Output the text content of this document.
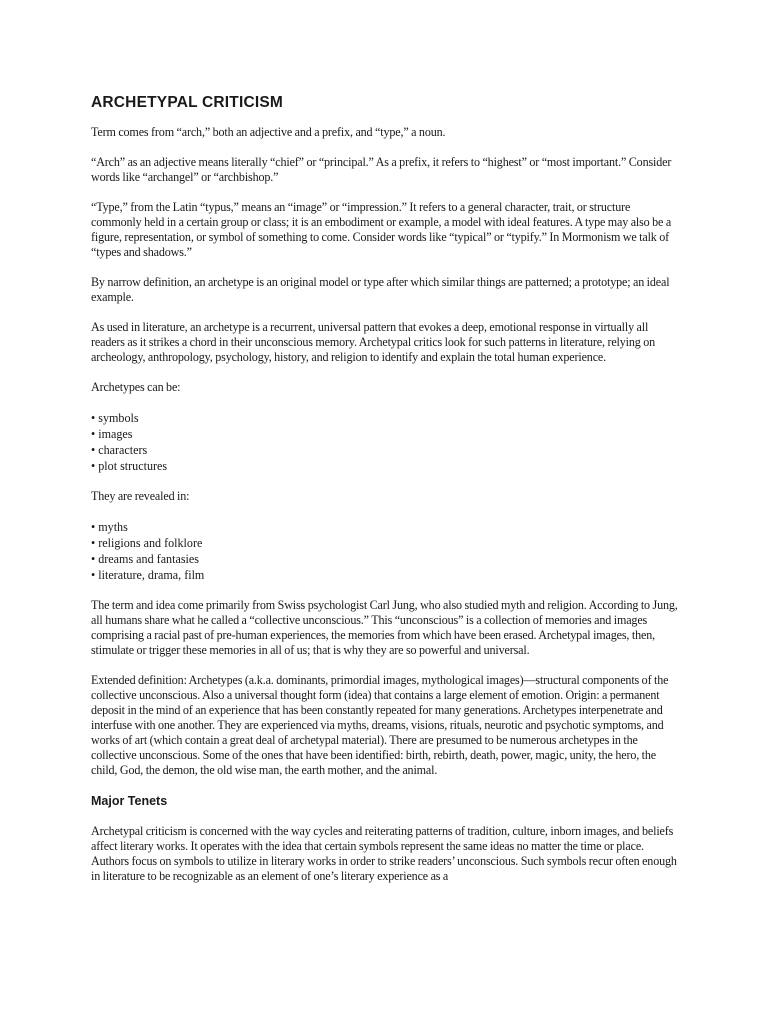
ARCHETYPAL CRITICISM

Term comes from “arch,” both an adjective and a prefix, and “type,” a noun.

“Arch” as an adjective means literally “chief” or “principal.” As a prefix, it refers to “highest” or “most important.” Consider words like “archangel” or “archbishop.”

“Type,” from the Latin “typus,” means an “image” or “impression.” It refers to a general character, trait, or structure commonly held in a certain group or class; it is an embodiment or example, a model with ideal features. A type may also be a figure, representation, or symbol of something to come. Consider words like “typical” or “typify.” In Mormonism we talk of “types and shadows.”

By narrow definition, an archetype is an original model or type after which similar things are patterned; a prototype; an ideal example.

As used in literature, an archetype is a recurrent, universal pattern that evokes a deep, emotional response in virtually all readers as it strikes a chord in their unconscious memory. Archetypal critics look for such patterns in literature, relying on archeology, anthropology, psychology, history, and religion to identify and explain the total human experience.

Archetypes can be:

• symbols
• images
• characters
• plot structures

They are revealed in:

• myths
• religions and folklore
• dreams and fantasies
• literature, drama, film

The term and idea come primarily from Swiss psychologist Carl Jung, who also studied myth and religion. According to Jung, all humans share what he called a “collective unconscious.” This “unconscious” is a collection of memories and images comprising a racial past of pre-human experiences, the memories from which have been erased. Archetypal images, then, stimulate or trigger these memories in all of us; that is why they are so powerful and universal.

Extended definition: Archetypes (a.k.a. dominants, primordial images, mythological images)—structural components of the collective unconscious. Also a universal thought form (idea) that contains a large element of emotion. Origin: a permanent deposit in the mind of an experience that has been constantly repeated for many generations. Archetypes interpenetrate and interfuse with one another. They are experienced via myths, dreams, visions, rituals, neurotic and psychotic symptoms, and works of art (which contain a great deal of archetypal material). There are presumed to be numerous archetypes in the collective unconscious. Some of the ones that have been identified: birth, rebirth, death, power, magic, unity, the hero, the child, God, the demon, the old wise man, the earth mother, and the animal.

Major Tenets

Archetypal criticism is concerned with the way cycles and reiterating patterns of tradition, culture, inborn images, and beliefs affect literary works. It operates with the idea that certain symbols represent the same ideas no matter the time or place. Authors focus on symbols to utilize in literary works in order to strike readers’ unconscious. Such symbols recur often enough in literature to be recognizable as an element of one’s literary experience as a
